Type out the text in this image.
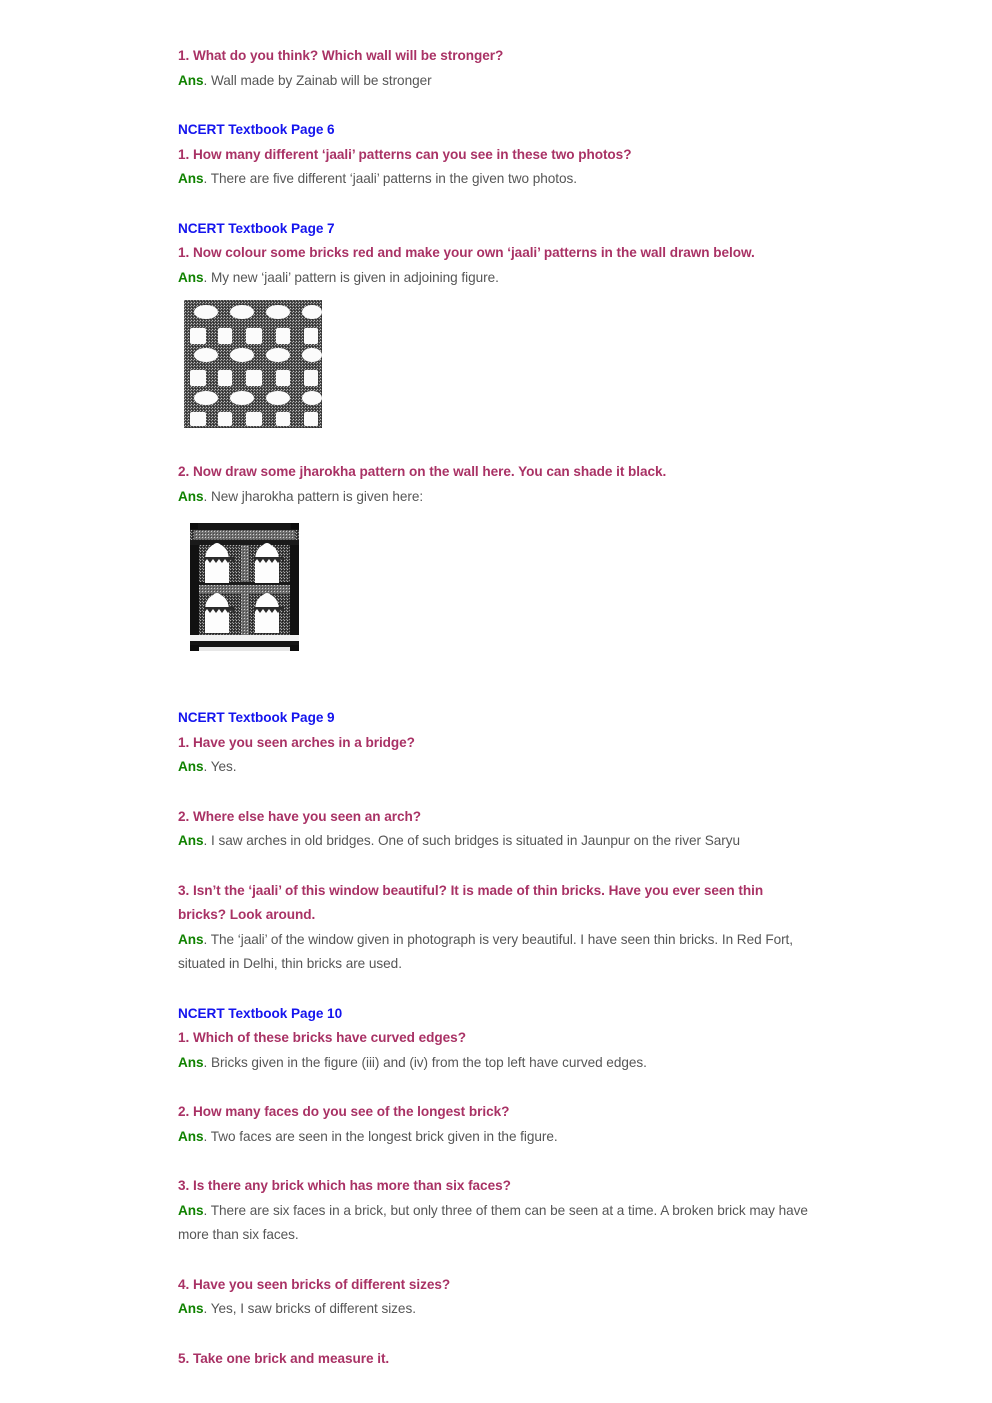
1. What do you think? Which wall will be stronger?

Ans. Wall made by Zainab will be stronger

NCERT Textbook Page 6

1. How many different ‘jaali’ patterns can you see in these two photos?

Ans. There are five different ‘jaali’ patterns in the given two photos.

NCERT Textbook Page 7

1. Now colour some bricks red and make your own ‘jaali’ patterns in the wall drawn below.

Ans. My new ‘jaali’ pattern is given in adjoining figure.

2. Now draw some jharokha pattern on the wall here. You can shade it black.

Ans. New jharokha pattern is given here:

NCERT Textbook Page 9

1. Have you seen arches in a bridge?

Ans. Yes.

2. Where else have you seen an arch?

Ans. I saw arches in old bridges. One of such bridges is situated in Jaunpur on the river Saryu

3. Isn’t the ‘jaali’ of this window beautiful? It is made of thin bricks. Have you ever seen thin bricks? Look around.

Ans. The ‘jaali’ of the window given in photograph is very beautiful. I have seen thin bricks. In Red Fort, situated in Delhi, thin bricks are used.

NCERT Textbook Page 10

1. Which of these bricks have curved edges?

Ans. Bricks given in the figure (iii) and (iv) from the top left have curved edges.

2. How many faces do you see of the longest brick?

Ans. Two faces are seen in the longest brick given in the figure.

3. Is there any brick which has more than six faces?

Ans. There are six faces in a brick, but only three of them can be seen at a time. A broken brick may have more than six faces.

4. Have you seen bricks of different sizes?

Ans. Yes, I saw bricks of different sizes.

5. Take one brick and measure it.
